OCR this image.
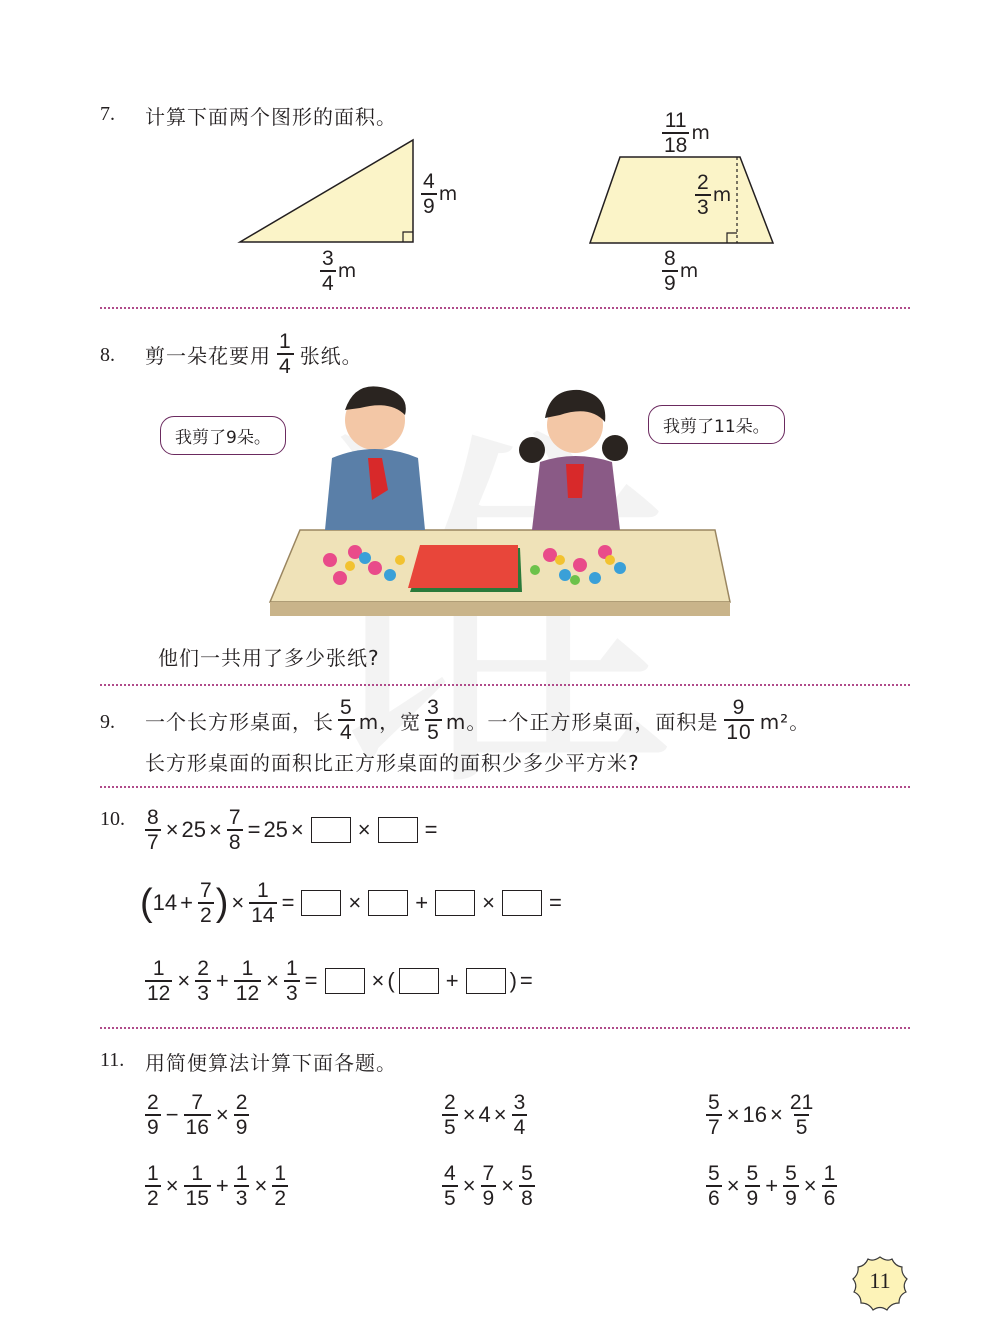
7. 计算下面两个图形的面积。
$\frac{4}{9}$ m
$\frac{3}{4}$ m
$\frac{11}{18}$ m
$\frac{2}{3}$ m
$\frac{8}{9}$ m
8. 剪一朵花要用 $\frac{1}{4}$ 张纸。
我剪了9朵。
我剪了11朵。
他们一共用了多少张纸?
9. 一个长方形桌面，长 $\frac{5}{4}$ m，宽 $\frac{3}{5}$ m。一个正方形桌面，面积是 $\frac{9}{10} m^2$。
长方形桌面的面积比正方形桌面的面积少多少平方米?
10. $\frac{8}{7} \times 25 \times \frac{7}{8} = 25$ × × =
( $14 + \frac{7}{2}$ ) × $\frac{1}{14}$ = × + × =
$\frac{1}{12} \times \frac{2}{3} + \frac{1}{12} \times \frac{1}{3}$ = × ( + ) =
11. 用简便算法计算下面各题。
$\frac{2}{9} - \frac{7}{16} \times \frac{2}{9}$	$\frac{2}{5} \times 4 \times \frac{3}{4}$	$\frac{5}{7} \times 16 \times \frac{21}{5}$
$\frac{1}{2} \times \frac{1}{15} + \frac{1}{3} \times \frac{1}{2}$	$\frac{4}{5} \times \frac{7}{9} \times \frac{5}{8}$	$\frac{5}{6} \times \frac{5}{9} + \frac{5}{9} \times \frac{1}{6}$
11
